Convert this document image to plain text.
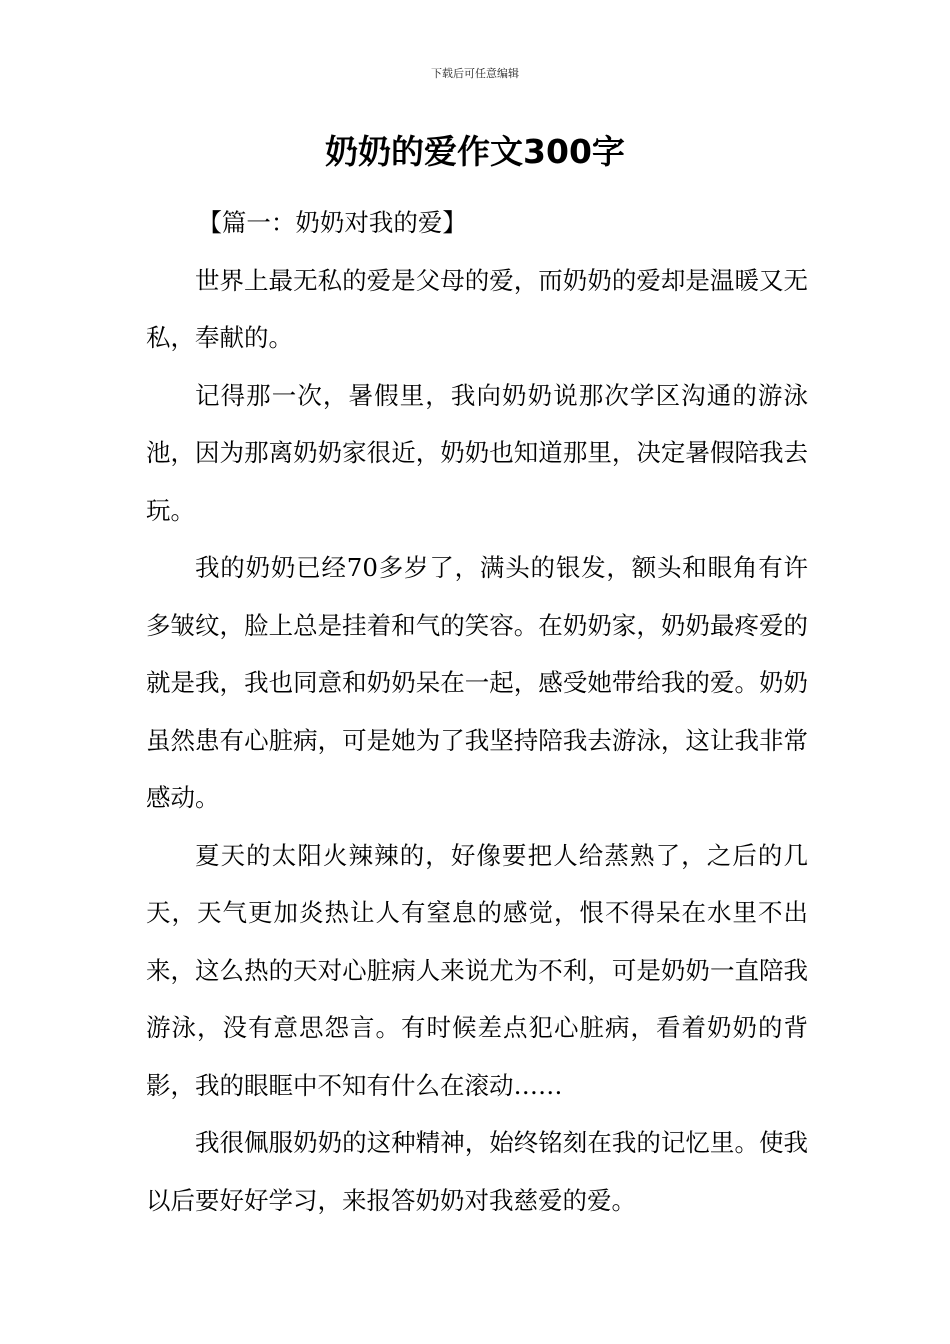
下载后可任意编辑
奶奶的爱作文300字

【篇一：奶奶对我的爱】

世界上最无私的爱是父母的爱，而奶奶的爱却是温暖又无私，奉献的。

记得那一次，暑假里，我向奶奶说那次学区沟通的游泳池，因为那离奶奶家很近，奶奶也知道那里，决定暑假陪我去玩。

我的奶奶已经70多岁了，满头的银发，额头和眼角有许多皱纹，脸上总是挂着和气的笑容。在奶奶家，奶奶最疼爱的就是我，我也同意和奶奶呆在一起，感受她带给我的爱。奶奶虽然患有心脏病，可是她为了我坚持陪我去游泳，这让我非常感动。

夏天的太阳火辣辣的，好像要把人给蒸熟了，之后的几天，天气更加炎热让人有窒息的感觉，恨不得呆在水里不出来，这么热的天对心脏病人来说尤为不利，可是奶奶一直陪我游泳，没有意思怨言。有时候差点犯心脏病，看着奶奶的背影，我的眼眶中不知有什么在滚动……

我很佩服奶奶的这种精神，始终铭刻在我的记忆里。使我以后要好好学习，来报答奶奶对我慈爱的爱。
